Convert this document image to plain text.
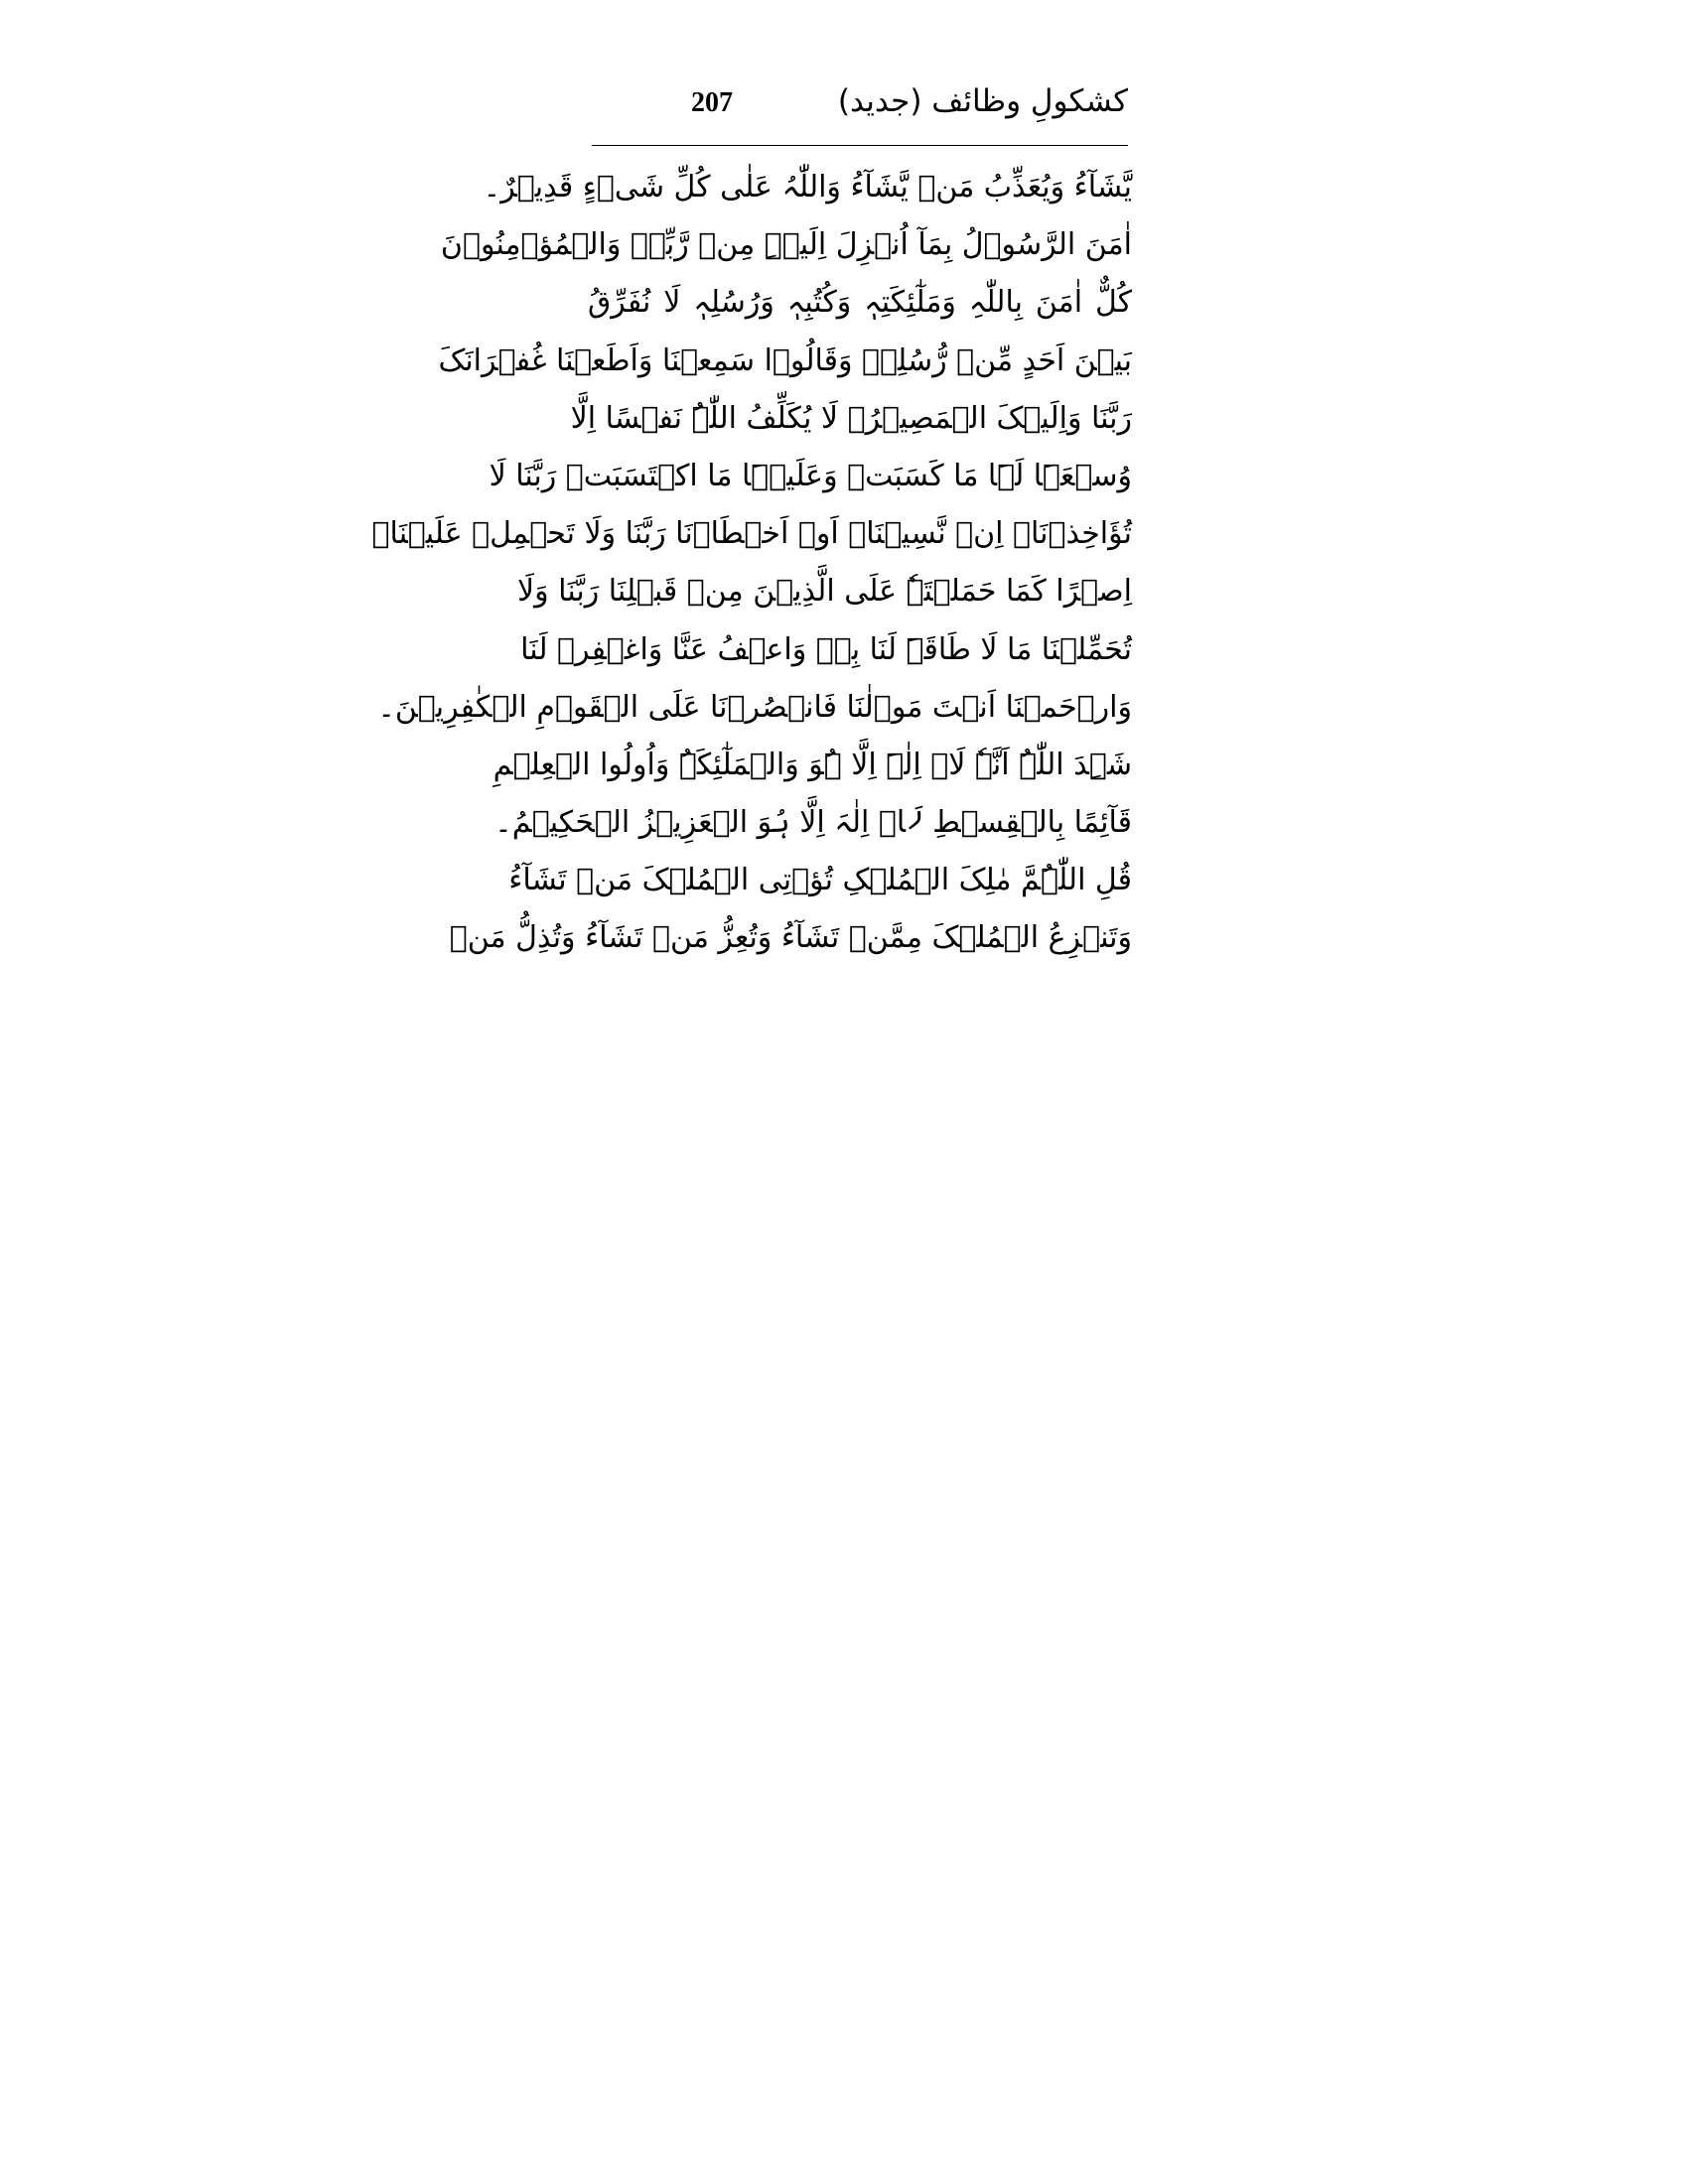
207	کشکولِ وظائف (جدید)
یَّشَآءُ وَیُعَذِّبُ مَنۡ یَّشَآءُ وَاللّٰہُ عَلٰی کُلِّ شَیۡءٍ قَدِیۡرٌ۔
اٰمَنَ الرَّسُوۡلُ بِمَآ اُنۡزِلَ اِلَیۡہِ مِنۡ رَّبِّہٖ وَالۡمُؤۡمِنُوۡنَ
کُلٌّ اٰمَنَ بِاللّٰہِ وَمَلٰٓئِکَتِہٖ وَکُتُبِہٖ وَرُسُلِہٖ لَا نُفَرِّقُ
بَیۡنَ اَحَدٍ مِّنۡ رُّسُلِہٖ وَقَالُوۡا سَمِعۡنَا وَاَطَعۡنَا غُفۡرَانَکَ
رَبَّنَا وَاِلَیۡکَ الۡمَصِیۡرُ۔ لَا یُکَلِّفُ اللّٰہُ نَفۡسًا اِلَّا
وُسۡعَہَا لَہَا مَا کَسَبَتۡ وَعَلَیۡہَا مَا اکۡتَسَبَتۡ رَبَّنَا لَا
تُؤَاخِذۡنَاۤ اِنۡ نَّسِیۡنَاۤ اَوۡ اَخۡطَاۡنَا رَبَّنَا وَلَا تَحۡمِلۡ عَلَیۡنَاۤ
اِصۡرًا کَمَا حَمَلۡتَہٗ عَلَی الَّذِیۡنَ مِنۡ قَبۡلِنَا رَبَّنَا وَلَا
تُحَمِّلۡنَا مَا لَا طَاقَۃَ لَنَا بِہٖ وَاعۡفُ عَنَّا وَاغۡفِرۡ لَنَا
وَارۡحَمۡنَا اَنۡتَ مَوۡلٰنَا فَانۡصُرۡنَا عَلَی الۡقَوۡمِ الۡکٰفِرِیۡنَ۔
شَہِدَ اللّٰہُ اَنَّہٗ لَاۤ اِلٰہَ اِلَّا ہُوَ وَالۡمَلٰٓئِکَۃُ وَاُولُوا الۡعِلۡمِ
قَآئِمًا بِالۡقِسۡطِ لَاۤ اِلٰہَ اِلَّا ہُوَ الۡعَزِیۡزُ الۡحَکِیۡمُ۔
قُلِ اللّٰہُمَّ مٰلِکَ الۡمُلۡکِ تُؤۡتِی الۡمُلۡکَ مَنۡ تَشَآءُ
وَتَنۡزِعُ الۡمُلۡکَ مِمَّنۡ تَشَآءُ وَتُعِزُّ مَنۡ تَشَآءُ وَتُذِلُّ مَنۡ
